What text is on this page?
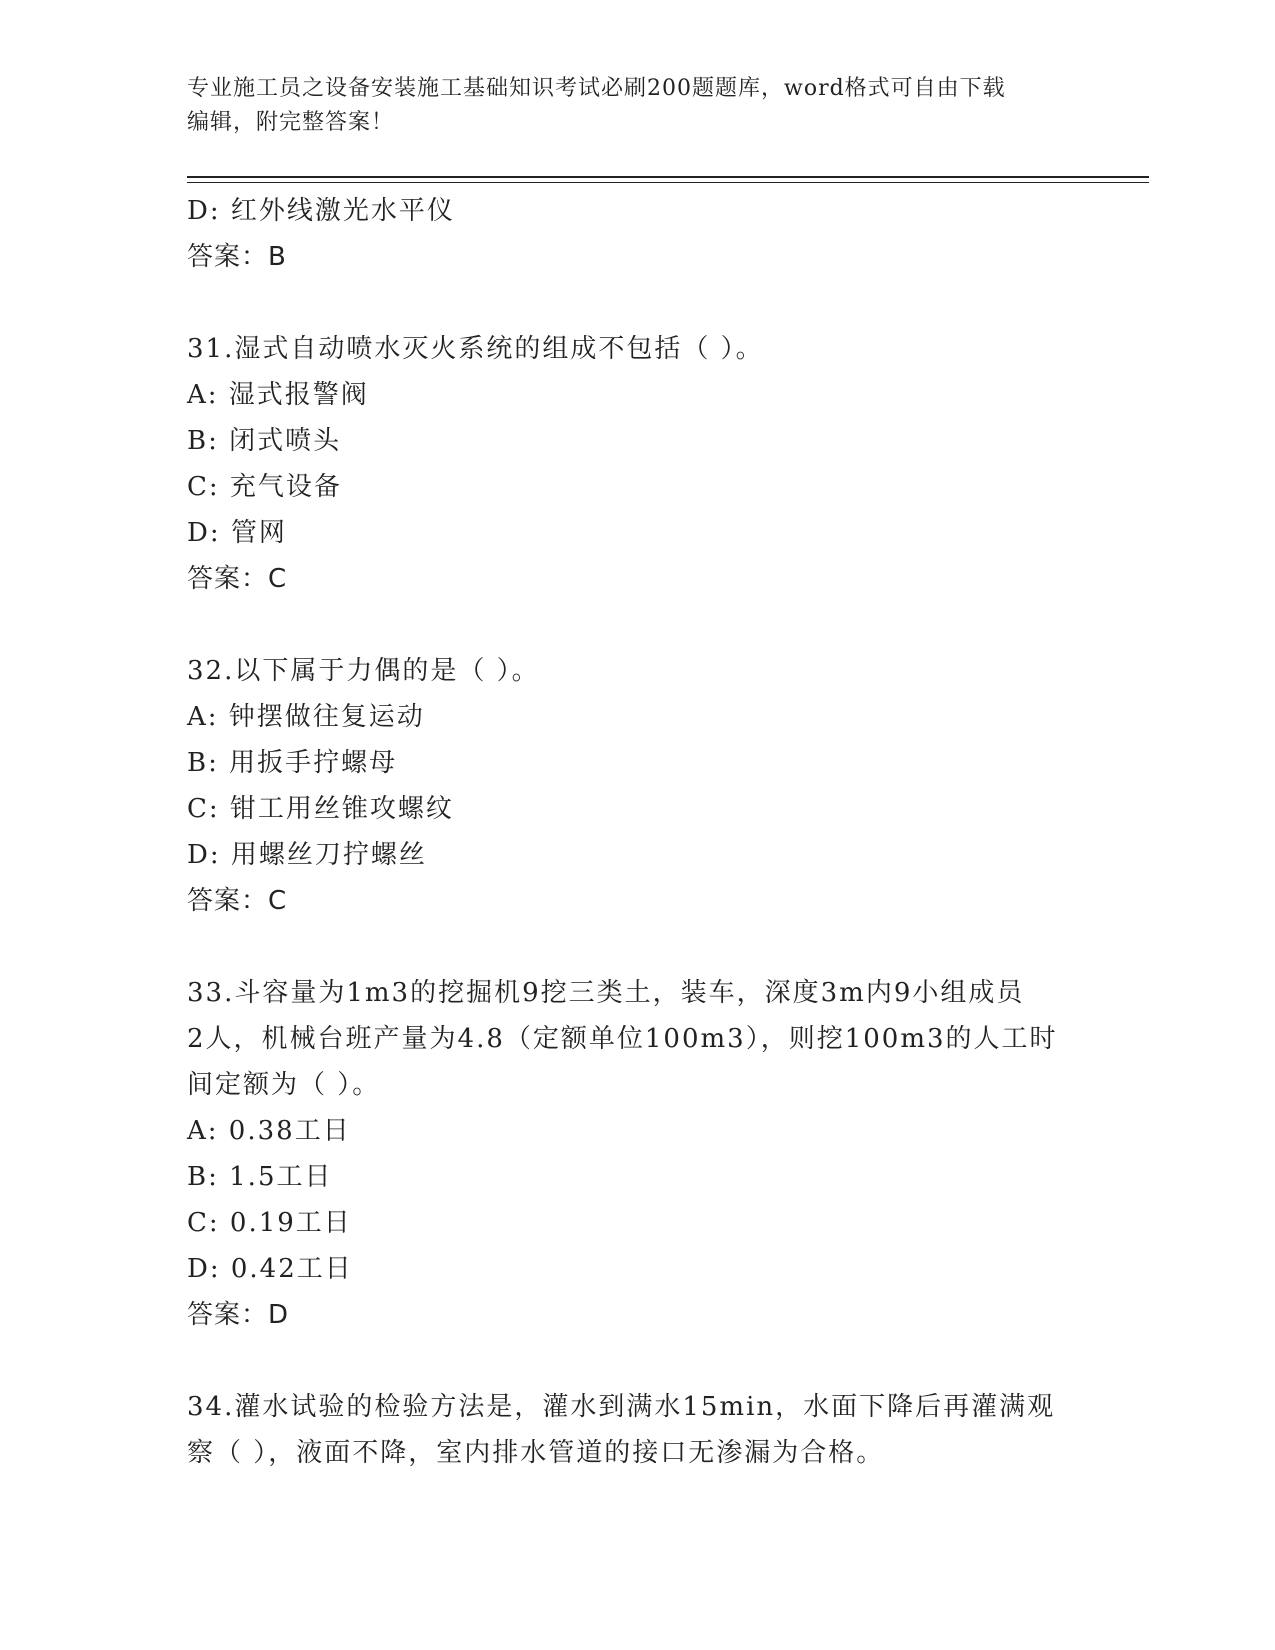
专业施工员之设备安装施工基础知识考试必刷200题题库，word格式可自由下载
编辑，附完整答案！
D: 红外线激光水平仪
答案：B
31.湿式自动喷水灭火系统的组成不包括（ ）。
A: 湿式报警阀
B: 闭式喷头
C: 充气设备
D: 管网
答案：C
32.以下属于力偶的是（ ）。
A: 钟摆做往复运动
B: 用扳手拧螺母
C: 钳工用丝锥攻螺纹
D: 用螺丝刀拧螺丝
答案：C
33.斗容量为1m3的挖掘机9挖三类土，装车，深度3m内9小组成员
2人，机械台班产量为4.8（定额单位100m3），则挖100m3的人工时
间定额为（ ）。
A: 0.38工日
B: 1.5工日
C: 0.19工日
D: 0.42工日
答案：D
34.灌水试验的检验方法是，灌水到满水15min，水面下降后再灌满观
察（ ），液面不降，室内排水管道的接口无渗漏为合格。
